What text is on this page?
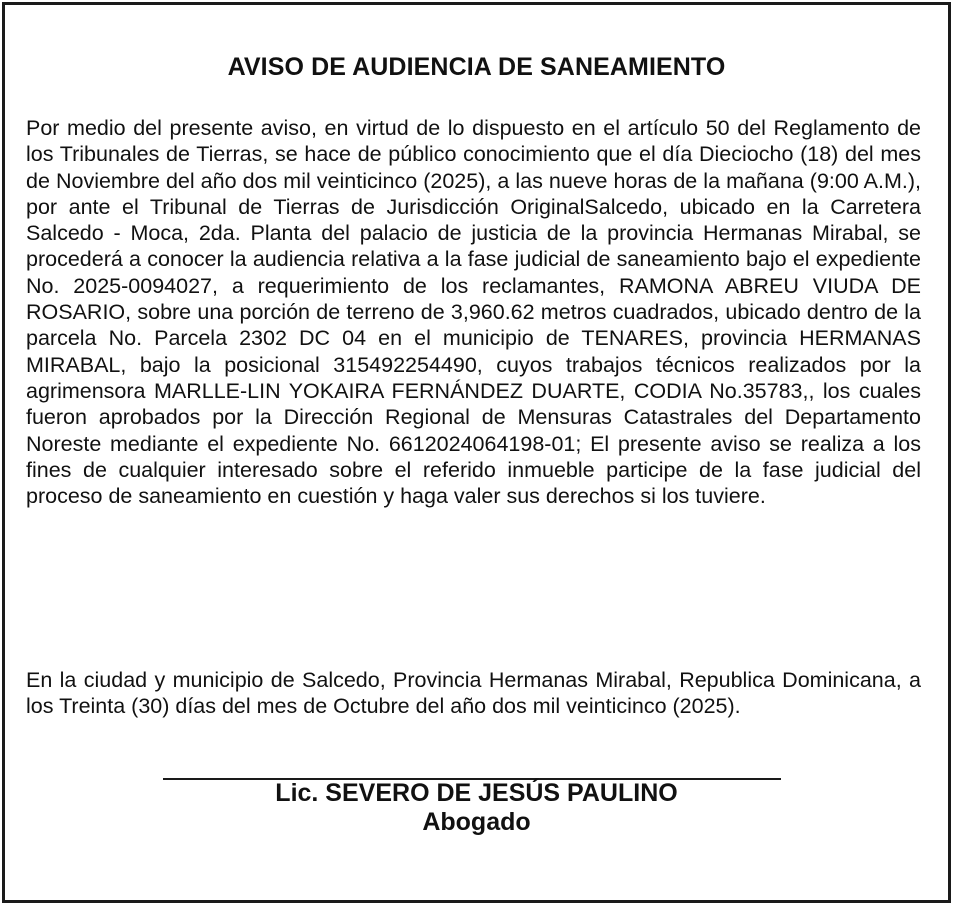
AVISO DE AUDIENCIA DE SANEAMIENTO

Por medio del presente aviso, en virtud de lo dispuesto en el artículo 50 del Reglamento de los Tribunales de Tierras, se hace de público conocimiento que el día Dieciocho (18) del mes de Noviembre del año dos mil veinticinco (2025), a las nueve horas de la mañana (9:00 A.M.), por ante el Tribunal de Tierras de Jurisdicción OriginalSalcedo, ubicado en la Carretera Salcedo - Moca, 2da. Planta del palacio de justicia de la provincia Hermanas Mirabal, se procederá a conocer la audiencia relativa a la fase judicial de saneamiento bajo el expediente No. 2025-0094027, a requerimiento de los reclamantes, RAMONA ABREU VIUDA DE ROSARIO, sobre una porción de terreno de 3,960.62 metros cuadrados, ubicado dentro de la parcela No. Parcela 2302 DC 04 en el municipio de TENARES, provincia HERMANAS MIRABAL, bajo la posicional 315492254490, cuyos trabajos técnicos realizados por la agrimensora MARLLE-LIN YOKAIRA FERNÁNDEZ DUARTE, CODIA No.35783,, los cuales fueron aprobados por la Dirección Regional de Mensuras Catastrales del Departamento Noreste mediante el expediente No. 6612024064198-01; El presente aviso se realiza a los fines de cualquier interesado sobre el referido inmueble participe de la fase judicial del proceso de saneamiento en cuestión y haga valer sus derechos si los tuviere.

En la ciudad y municipio de Salcedo, Provincia Hermanas Mirabal, Republica Dominicana, a los Treinta (30) días del mes de Octubre del año dos mil veinticinco (2025).

Lic. SEVERO DE JESÚS PAULINO
Abogado
